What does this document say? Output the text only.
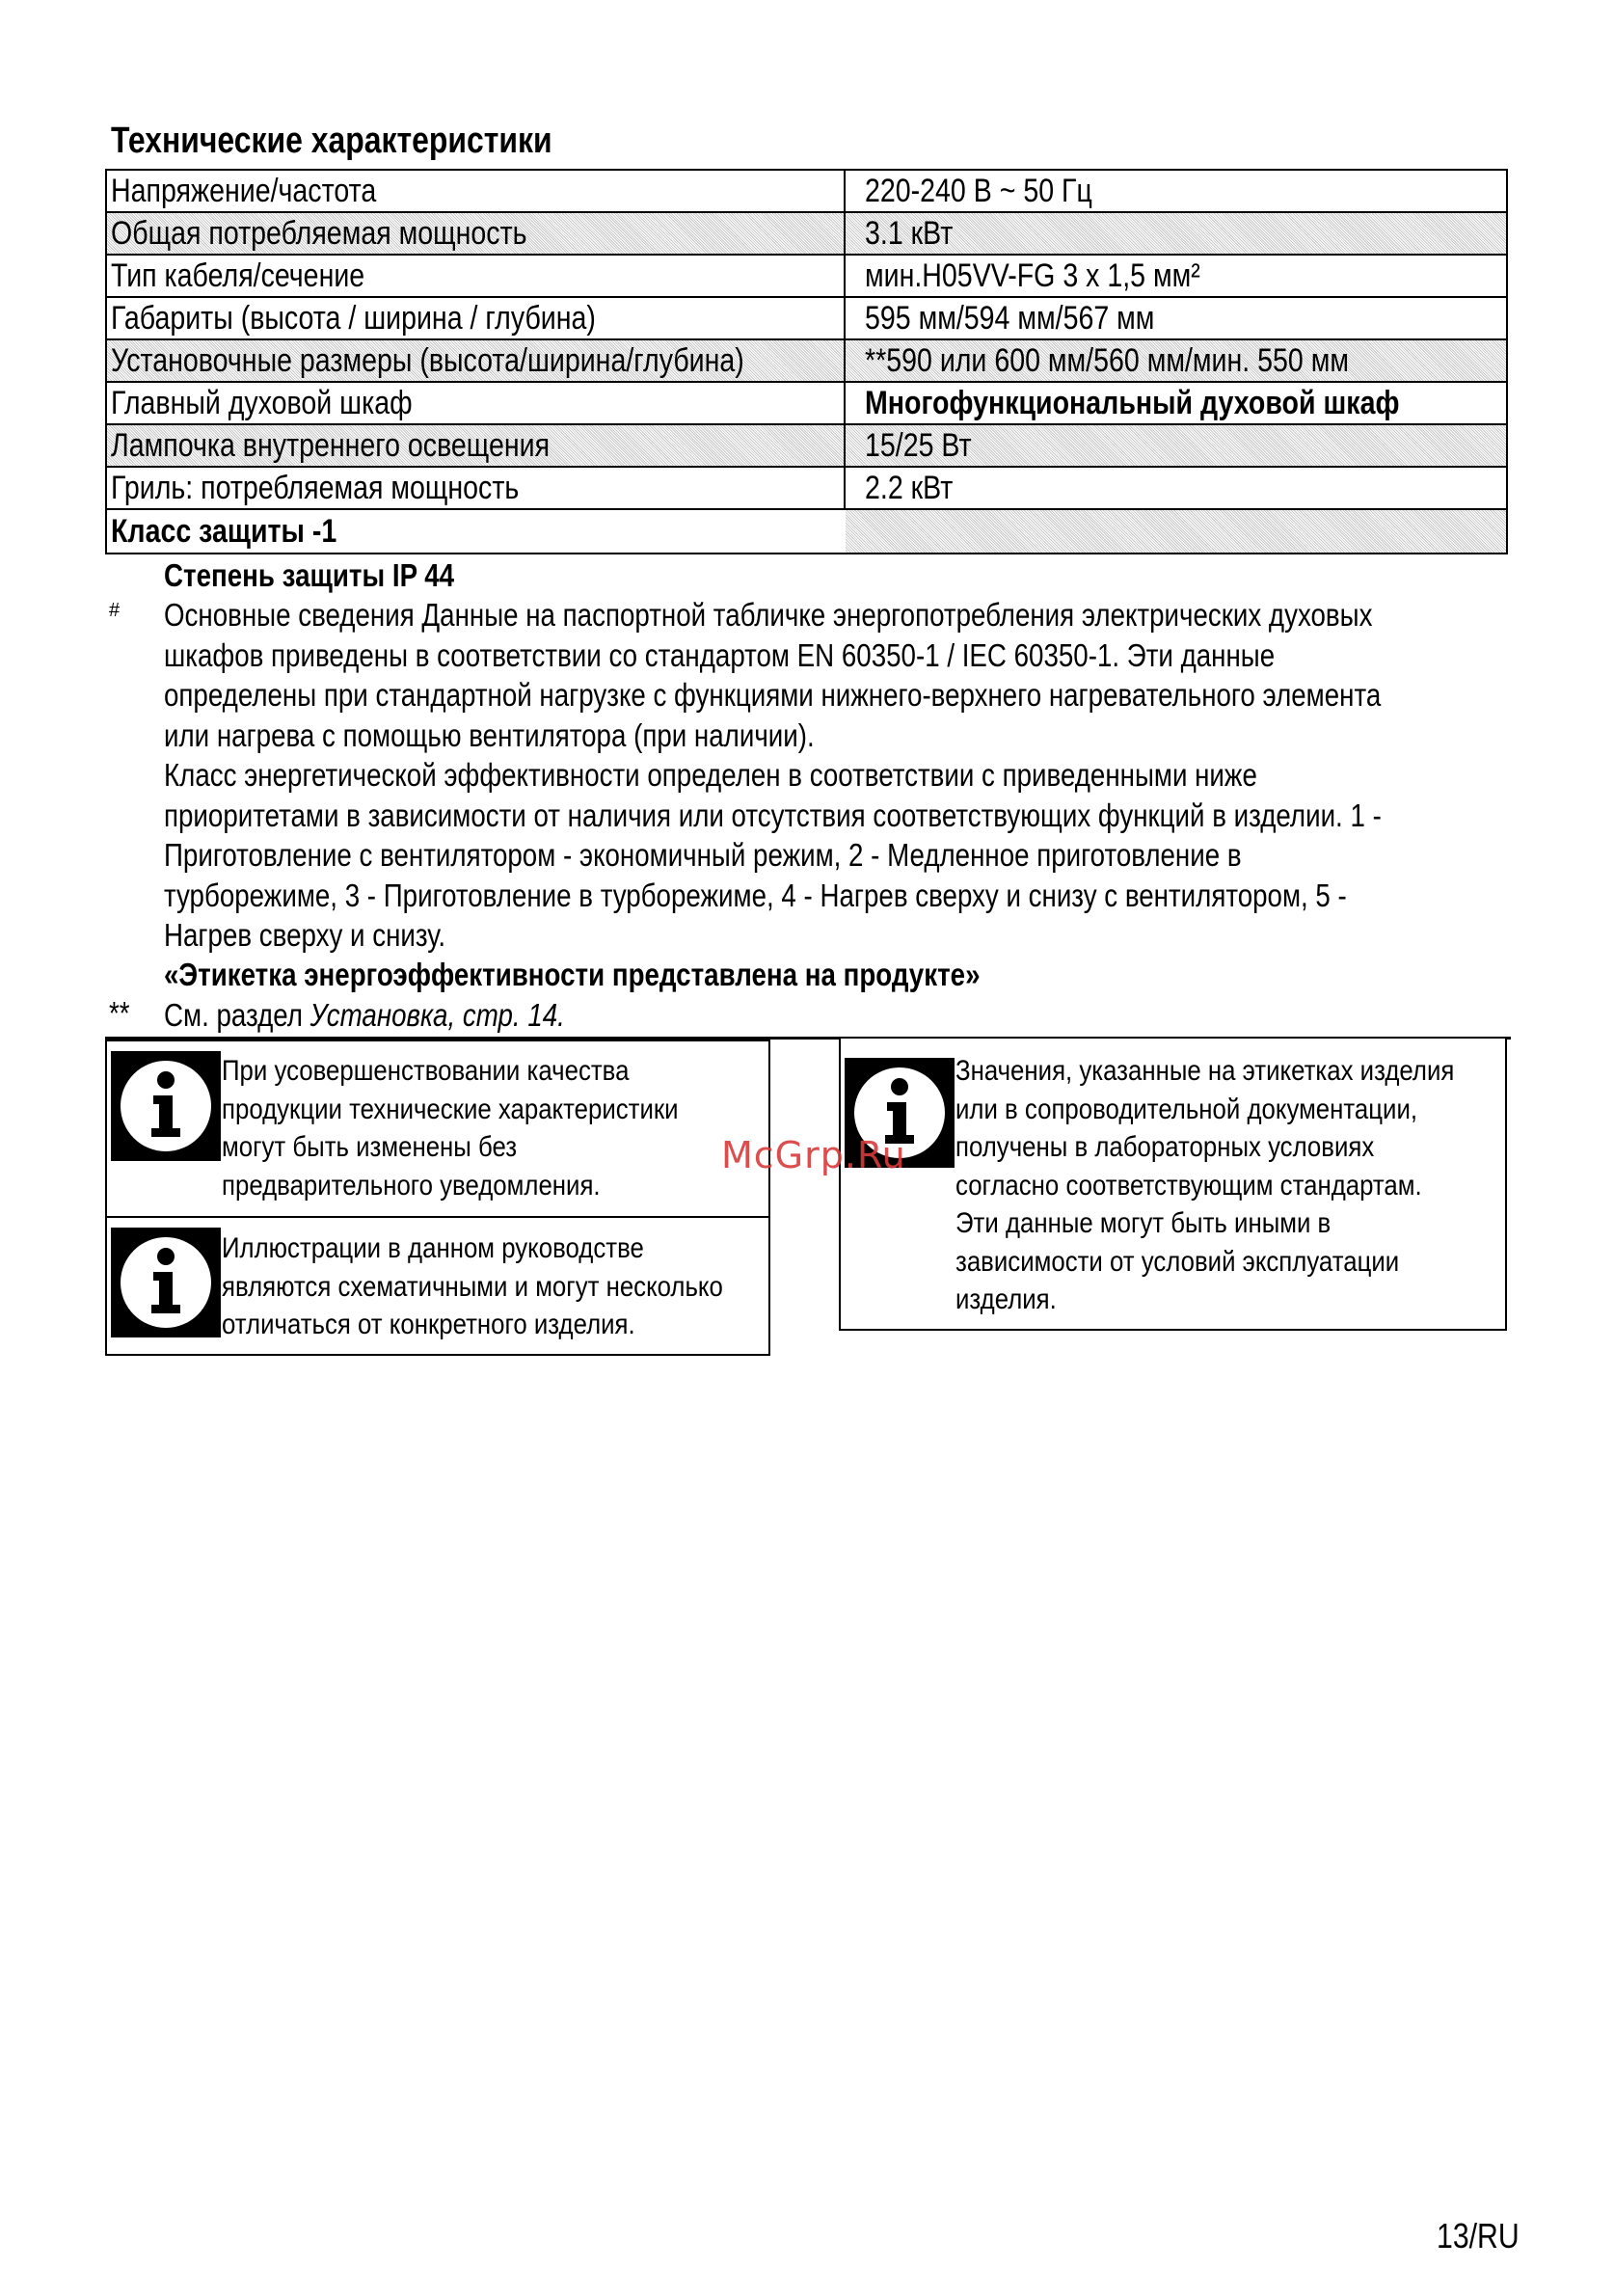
Технические характеристики
Напряжение/частота	220-240 В ~ 50 Гц
Общая потребляемая мощность	3.1 кВт
Тип кабеля/сечение	мин.H05VV-FG 3 x 1,5 мм²
Габариты (высота / ширина / глубина)	595 мм/594 мм/567 мм
Установочные размеры (высота/ширина/глубина)	**590 или 600 мм/560 мм/мин. 550 мм
Главный духовой шкаф	Многофункциональный духовой шкаф
Лампочка внутреннего освещения	15/25 Вт
Гриль: потребляемая мощность	2.2 кВт
Класс защиты -1
Степень защиты IP 44
# Основные сведения Данные на паспортной табличке энергопотребления электрических духовых
шкафов приведены в соответствии со стандартом EN 60350-1 / IEC 60350-1. Эти данные
определены при стандартной нагрузке с функциями нижнего-верхнего нагревательного элемента
или нагрева с помощью вентилятора (при наличии).
Класс энергетической эффективности определен в соответствии с приведенными ниже
приоритетами в зависимости от наличия или отсутствия соответствующих функций в изделии. 1 -
Приготовление с вентилятором - экономичный режим, 2 - Медленное приготовление в
турборежиме, 3 - Приготовление в турборежиме, 4 - Нагрев сверху и снизу с вентилятором, 5 -
Нагрев сверху и снизу.
«Этикетка энергоэффективности представлена на продукте»
** См. раздел Установка, стр. 14.
При усовершенствовании качества
продукции технические характеристики
могут быть изменены без
предварительного уведомления.
Иллюстрации в данном руководстве
являются схематичными и могут несколько
отличаться от конкретного изделия.
Значения, указанные на этикетках изделия
или в сопроводительной документации,
получены в лабораторных условиях
согласно соответствующим стандартам.
Эти данные могут быть иными в
зависимости от условий эксплуатации
изделия.
McGrp.Ru
13/RU
